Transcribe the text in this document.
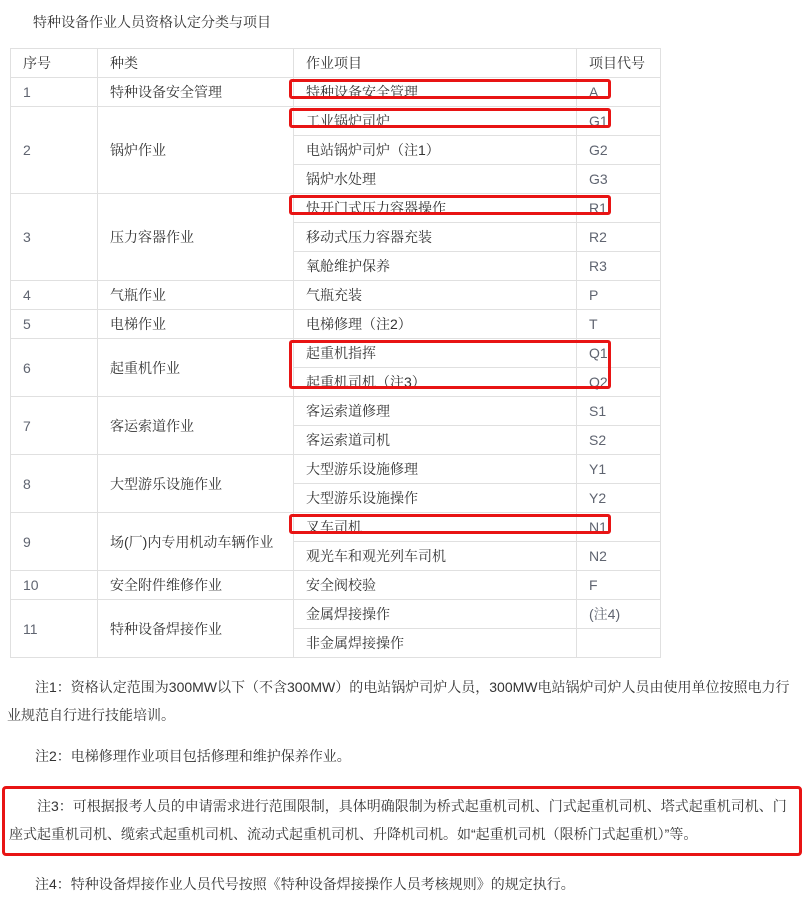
特种设备作业人员资格认定分类与项目
序号	种类	作业项目	项目代号
1	特种设备安全管理	特种设备安全管理	A
2	锅炉作业	工业锅炉司炉	G1
		电站锅炉司炉（注1）	G2
		锅炉水处理	G3
3	压力容器作业	快开门式压力容器操作	R1
		移动式压力容器充装	R2
		氧舱维护保养	R3
4	气瓶作业	气瓶充装	P
5	电梯作业	电梯修理（注2）	T
6	起重机作业	起重机指挥	Q1
		起重机司机（注3）	Q2
7	客运索道作业	客运索道修理	S1
		客运索道司机	S2
8	大型游乐设施作业	大型游乐设施修理	Y1
		大型游乐设施操作	Y2
9	场(厂)内专用机动车辆作业	叉车司机	N1
		观光车和观光列车司机	N2
10	安全附件维修作业	安全阀校验	F
11	特种设备焊接作业	金属焊接操作	(注4)
		非金属焊接操作	

注1：资格认定范围为300MW以下（不含300MW）的电站锅炉司炉人员，300MW电站锅炉司炉人员由使用单位按照电力行业规范自行进行技能培训。

注2：电梯修理作业项目包括修理和维护保养作业。

注3：可根据报考人员的申请需求进行范围限制，具体明确限制为桥式起重机司机、门式起重机司机、塔式起重机司机、门座式起重机司机、缆索式起重机司机、流动式起重机司机、升降机司机。如“起重机司机（限桥门式起重机）”等。

注4：特种设备焊接作业人员代号按照《特种设备焊接操作人员考核规则》的规定执行。
